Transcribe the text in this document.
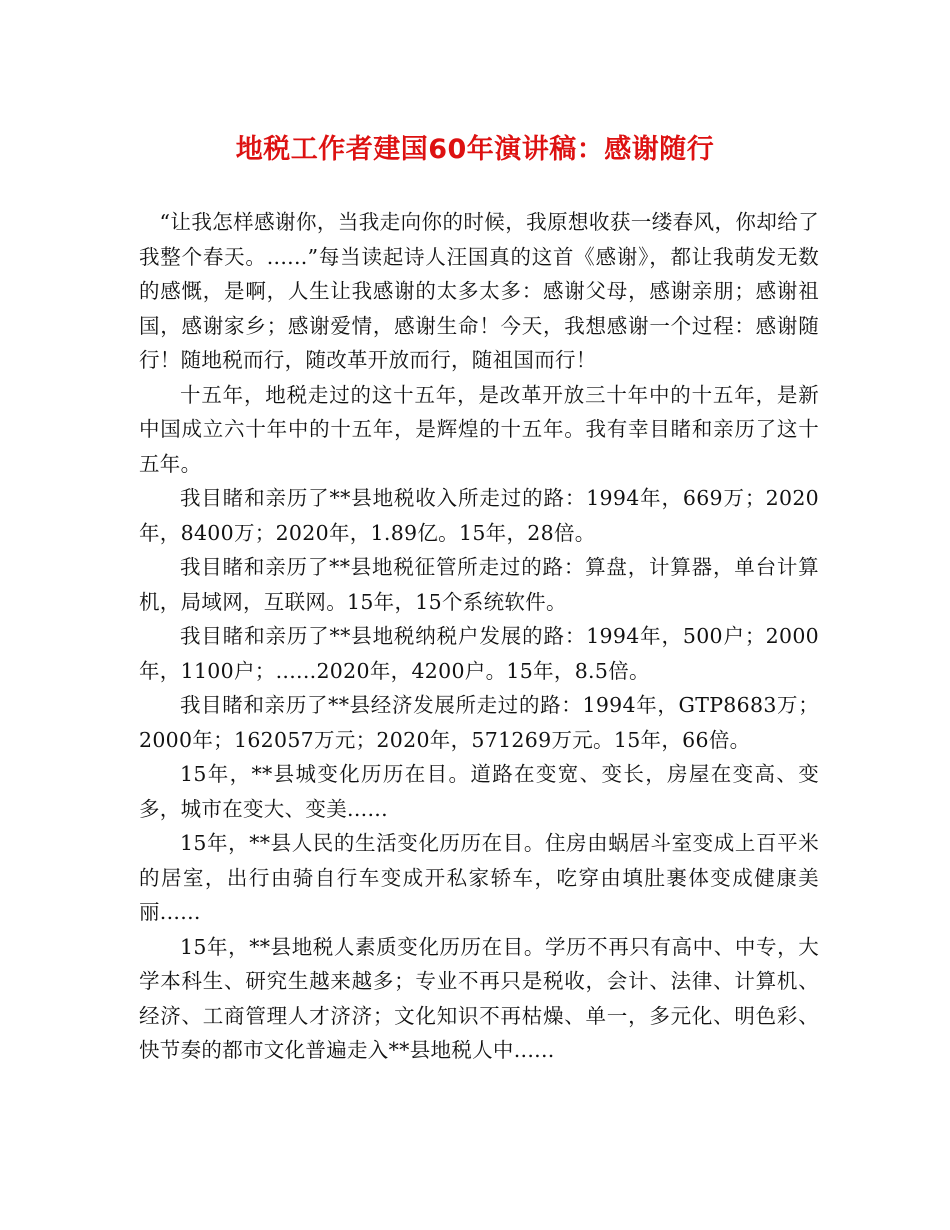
地税工作者建国60年演讲稿：感谢随行

“让我怎样感谢你，当我走向你的时候，我原想收获一缕春风，你却给了我整个春天。......”每当读起诗人汪国真的这首《感谢》，都让我萌发无数的感慨，是啊，人生让我感谢的太多太多：感谢父母，感谢亲朋；感谢祖国，感谢家乡；感谢爱情，感谢生命！今天，我想感谢一个过程：感谢随行！随地税而行，随改革开放而行，随祖国而行！

十五年，地税走过的这十五年，是改革开放三十年中的十五年，是新中国成立六十年中的十五年，是辉煌的十五年。我有幸目睹和亲历了这十五年。

我目睹和亲历了**县地税收入所走过的路：1994年，669万；2020年，8400万；2020年，1.89亿。15年，28倍。

我目睹和亲历了**县地税征管所走过的路：算盘，计算器，单台计算机，局域网，互联网。15年，15个系统软件。

我目睹和亲历了**县地税纳税户发展的路：1994年，500户；2000年，1100户；......2020年，4200户。15年，8.5倍。

我目睹和亲历了**县经济发展所走过的路：1994年，GTP8683万；2000年；162057万元；2020年，571269万元。15年，66倍。

15年，**县城变化历历在目。道路在变宽、变长，房屋在变高、变多，城市在变大、变美......

15年，**县人民的生活变化历历在目。住房由蜗居斗室变成上百平米的居室，出行由骑自行车变成开私家轿车，吃穿由填肚裹体变成健康美丽......

15年，**县地税人素质变化历历在目。学历不再只有高中、中专，大学本科生、研究生越来越多；专业不再只是税收，会计、法律、计算机、经济、工商管理人才济济；文化知识不再枯燥、单一，多元化、明色彩、快节奏的都市文化普遍走入**县地税人中......
